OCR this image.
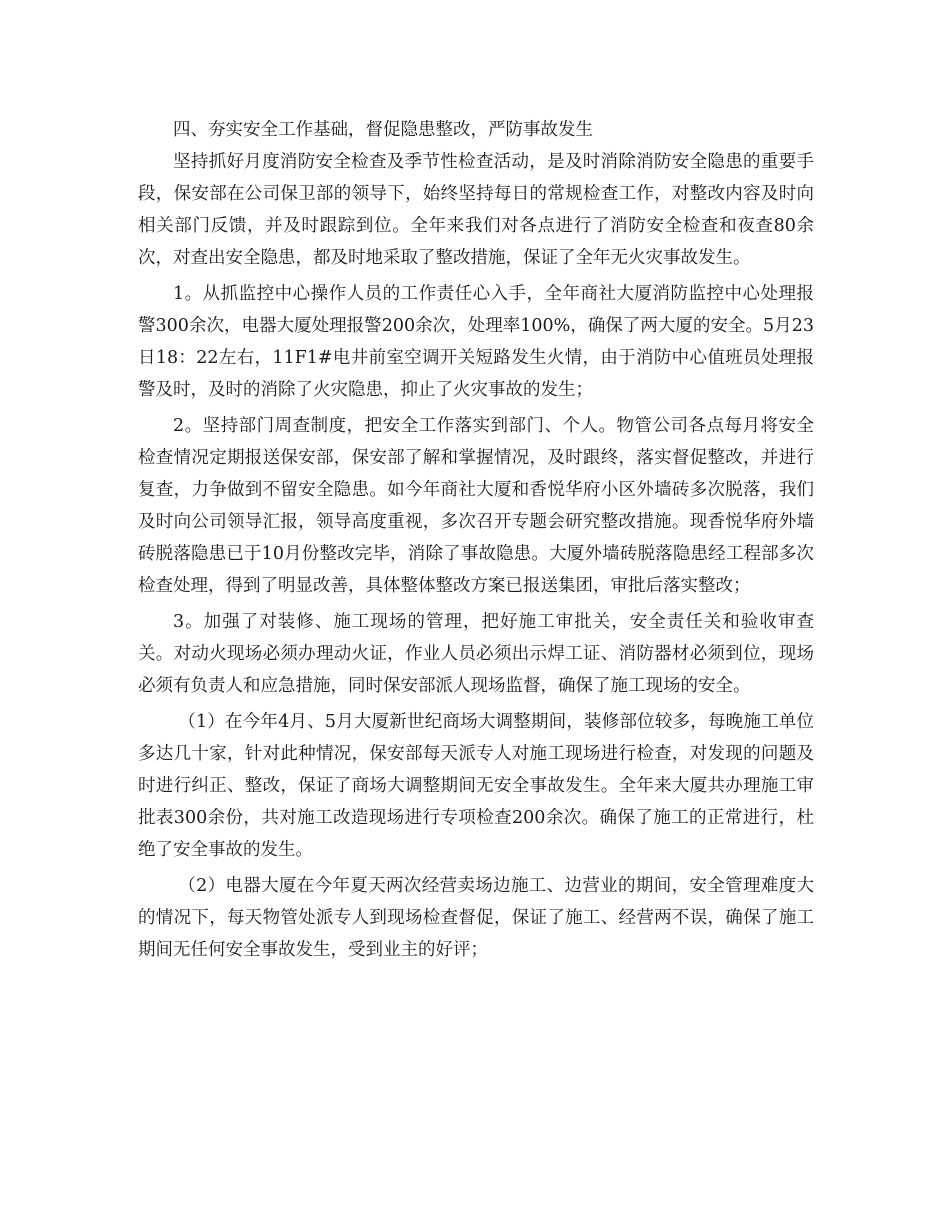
四、夯实安全工作基础，督促隐患整改，严防事故发生

坚持抓好月度消防安全检查及季节性检查活动，是及时消除消防安全隐患的重要手段，保安部在公司保卫部的领导下，始终坚持每日的常规检查工作，对整改内容及时向相关部门反馈，并及时跟踪到位。全年来我们对各点进行了消防安全检查和夜查80余次，对查出安全隐患，都及时地采取了整改措施，保证了全年无火灾事故发生。

1。从抓监控中心操作人员的工作责任心入手，全年商社大厦消防监控中心处理报警300余次，电器大厦处理报警200余次，处理率100%，确保了两大厦的安全。5月23日18：22左右，11F1#电井前室空调开关短路发生火情，由于消防中心值班员处理报警及时，及时的消除了火灾隐患，抑止了火灾事故的发生；

2。坚持部门周查制度，把安全工作落实到部门、个人。物管公司各点每月将安全检查情况定期报送保安部，保安部了解和掌握情况，及时跟终，落实督促整改，并进行复查，力争做到不留安全隐患。如今年商社大厦和香悦华府小区外墙砖多次脱落，我们及时向公司领导汇报，领导高度重视，多次召开专题会研究整改措施。现香悦华府外墙砖脱落隐患已于10月份整改完毕，消除了事故隐患。大厦外墙砖脱落隐患经工程部多次检查处理，得到了明显改善，具体整体整改方案已报送集团，审批后落实整改；

3。加强了对装修、施工现场的管理，把好施工审批关，安全责任关和验收审查关。对动火现场必须办理动火证，作业人员必须出示焊工证、消防器材必须到位，现场必须有负责人和应急措施，同时保安部派人现场监督，确保了施工现场的安全。

（1）在今年4月、5月大厦新世纪商场大调整期间，装修部位较多，每晚施工单位多达几十家，针对此种情况，保安部每天派专人对施工现场进行检查，对发现的问题及时进行纠正、整改，保证了商场大调整期间无安全事故发生。全年来大厦共办理施工审批表300余份，共对施工改造现场进行专项检查200余次。确保了施工的正常进行，杜绝了安全事故的发生。

（2）电器大厦在今年夏天两次经营卖场边施工、边营业的期间，安全管理难度大的情况下，每天物管处派专人到现场检查督促，保证了施工、经营两不误，确保了施工期间无任何安全事故发生，受到业主的好评；
